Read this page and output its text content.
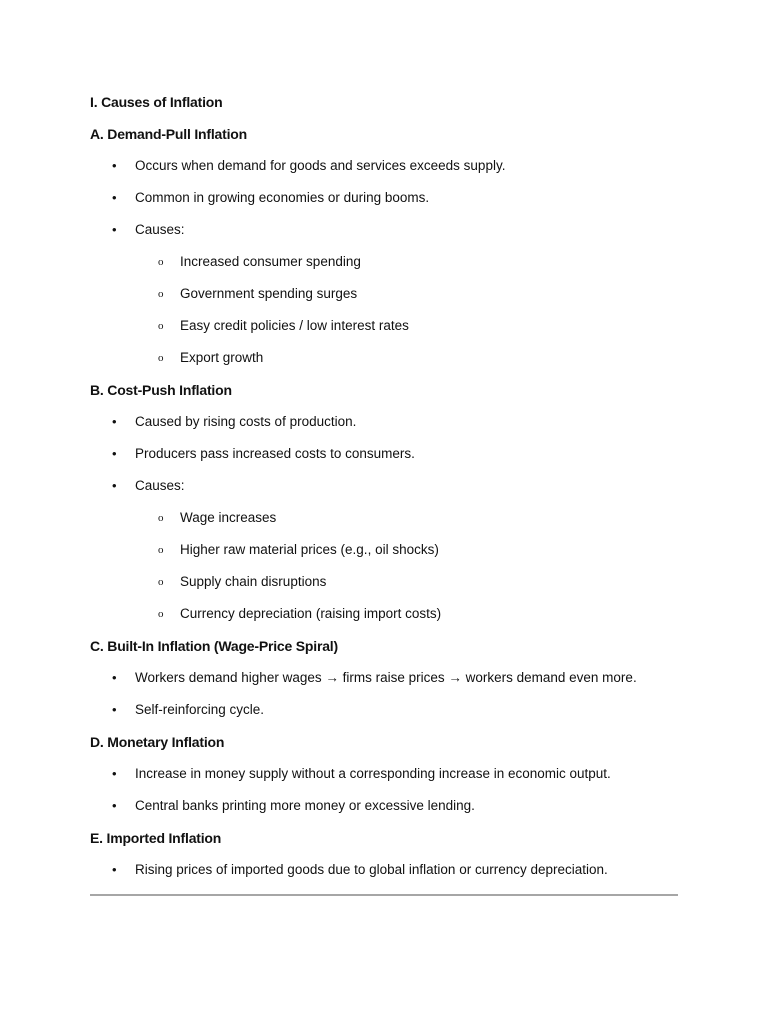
I. Causes of Inflation
A. Demand-Pull Inflation
• Occurs when demand for goods and services exceeds supply.
• Common in growing economies or during booms.
• Causes:
o Increased consumer spending
o Government spending surges
o Easy credit policies / low interest rates
o Export growth
B. Cost-Push Inflation
• Caused by rising costs of production.
• Producers pass increased costs to consumers.
• Causes:
o Wage increases
o Higher raw material prices (e.g., oil shocks)
o Supply chain disruptions
o Currency depreciation (raising import costs)
C. Built-In Inflation (Wage-Price Spiral)
• Workers demand higher wages → firms raise prices → workers demand even more.
• Self-reinforcing cycle.
D. Monetary Inflation
• Increase in money supply without a corresponding increase in economic output.
• Central banks printing more money or excessive lending.
E. Imported Inflation
• Rising prices of imported goods due to global inflation or currency depreciation.
